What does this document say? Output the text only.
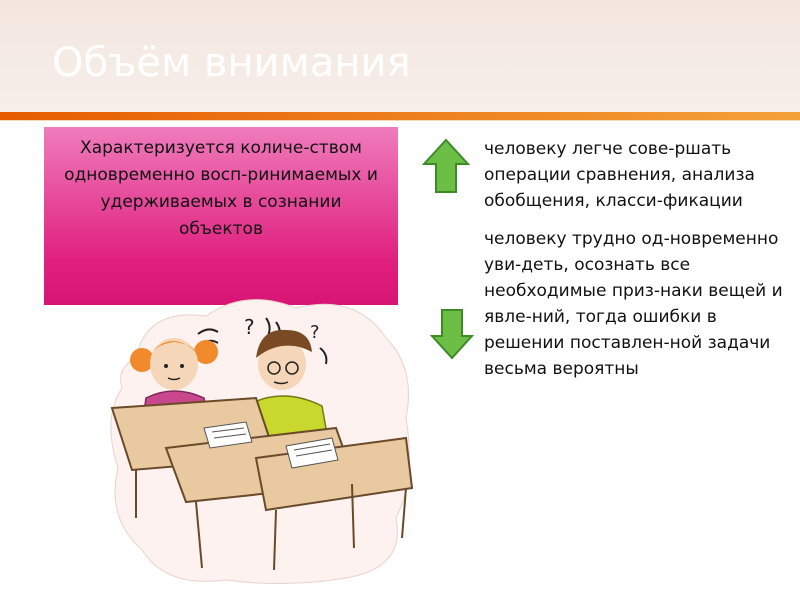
Объём внимания
Характеризуется количе-ством одновременно восп-ринимаемых и удерживаемых в сознании объектов

человеку легче сове-ршать операции сравнения, анализа обобщения, класси-фикации

человеку трудно од-новременно уви-деть, осознать все необходимые приз-наки вещей и явле-ний, тогда ошибки в решении поставлен-ной задачи весьма вероятны

?	?
